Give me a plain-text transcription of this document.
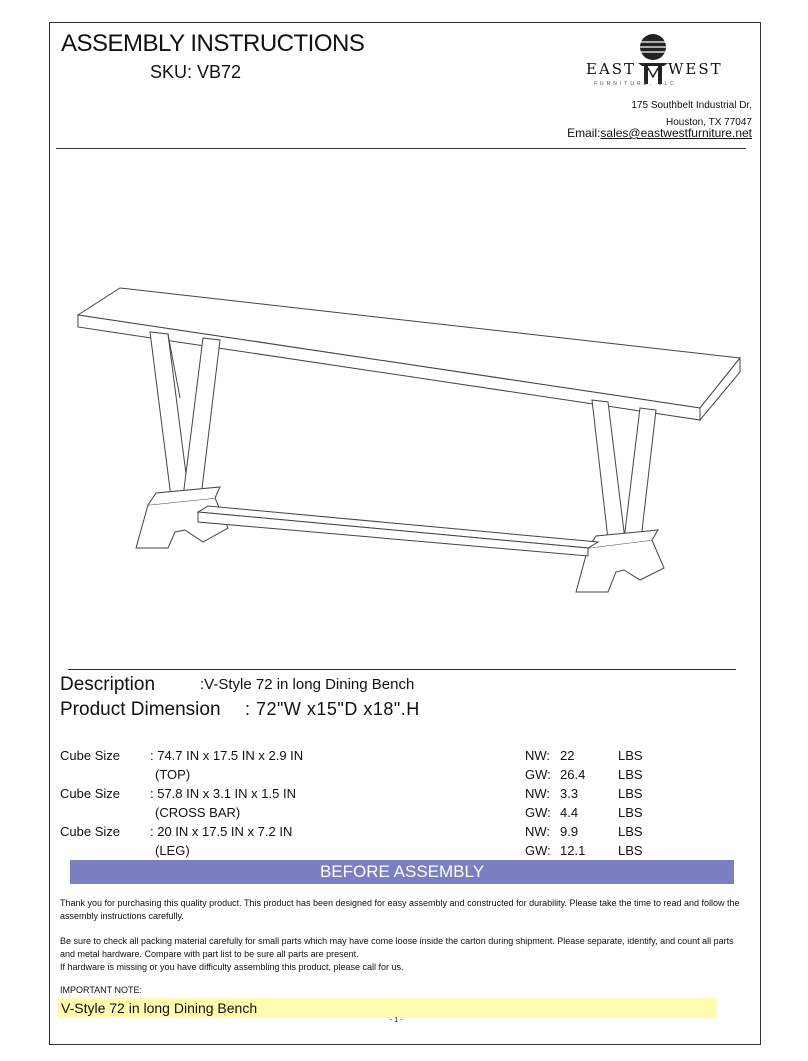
ASSEMBLY INSTRUCTIONS
SKU: VB72	EAST WEST
FURNITURE, LLC
175 Southbelt Industrial Dr,
Houston, TX 77047
Email:sales@eastwestfurniture.net
Description	:V-Style 72 in long Dining Bench
Product Dimension : 72"W x15"D x18".H
Cube Size : 74.7 IN x 17.5 IN x 2.9 IN	NW: 22	LBS
(TOP)	GW: 26.4	LBS
Cube Size : 57.8 IN x 3.1 IN x 1.5 IN	NW: 3.3	LBS
(CROSS BAR)	GW: 4.4	LBS
Cube Size : 20 IN x 17.5 IN x 7.2 IN	NW: 9.9	LBS
(LEG)	GW: 12.1	LBS
BEFORE ASSEMBLY
Thank you for purchasing this quality product. This product has been designed for easy assembly and constructed for durability. Please take the time to read and follow the assembly instructions carefully.
Be sure to check all packing material carefully for small parts which may have come loose inside the carton during shipment. Please separate, identify, and count all parts and metal hardware. Compare with part list to be sure all parts are present.
If hardware is missing or you have difficulty assembling this product, please call for us.
IMPORTANT NOTE:
V-Style 72 in long Dining Bench
- 1 -
